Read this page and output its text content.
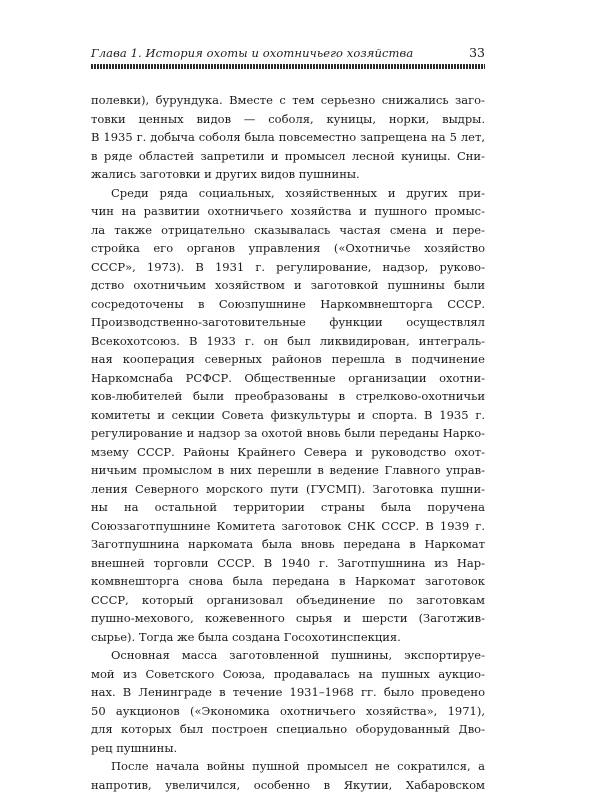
Глава 1. История охоты и охотничьего хозяйства	33
полевки), бурундука. Вместе с тем серьезно снижались заго-
товки ценных видов — соболя, куницы, норки, выдры.
В 1935 г. добыча соболя была повсеместно запрещена на 5 лет,
в ряде областей запретили и промысел лесной куницы. Сни-
жались заготовки и других видов пушнины.
Среди ряда социальных, хозяйственных и других при-
чин на развитии охотничьего хозяйства и пушного промыс-
ла также отрицательно сказывалась частая смена и пере-
стройка его органов управления («Охотничье хозяйство
СССР», 1973). В 1931 г. регулирование, надзор, руково-
дство охотничьим хозяйством и заготовкой пушнины были
сосредоточены в Союзпушнине Наркомвнешторга СССР.
Производственно-заготовительные функции осуществлял
Всекохотсоюз. В 1933 г. он был ликвидирован, интеграль-
ная кооперация северных районов перешла в подчинение
Наркомснаба РСФСР. Общественные организации охотни-
ков-любителей были преобразованы в стрелково-охотничьи
комитеты и секции Совета физкультуры и спорта. В 1935 г.
регулирование и надзор за охотой вновь были переданы Нарко-
мзему СССР. Районы Крайнего Севера и руководство охот-
ничьим промыслом в них перешли в ведение Главного управ-
ления Северного морского пути (ГУСМП). Заготовка пушни-
ны на остальной территории страны была поручена
Союззаготпушнине Комитета заготовок СНК СССР. В 1939 г.
Заготпушнина наркомата была вновь передана в Наркомат
внешней торговли СССР. В 1940 г. Заготпушнина из Нар-
комвнешторга снова была передана в Наркомат заготовок
СССР, который организовал объединение по заготовкам
пушно-мехового, кожевенного сырья и шерсти (Заготжив-
сырье). Тогда же была создана Госохотинспекция.
Основная масса заготовленной пушнины, экспортируе-
мой из Советского Союза, продавалась на пушных аукцио-
нах. В Ленинграде в течение 1931–1968 гг. было проведено
50 аукционов («Экономика охотничьего хозяйства», 1971),
для которых был построен специально оборудованный Дво-
рец пушнины.
После начала войны пушной промысел не сократился, а
напротив, увеличился, особенно в Якутии, Хабаровском
